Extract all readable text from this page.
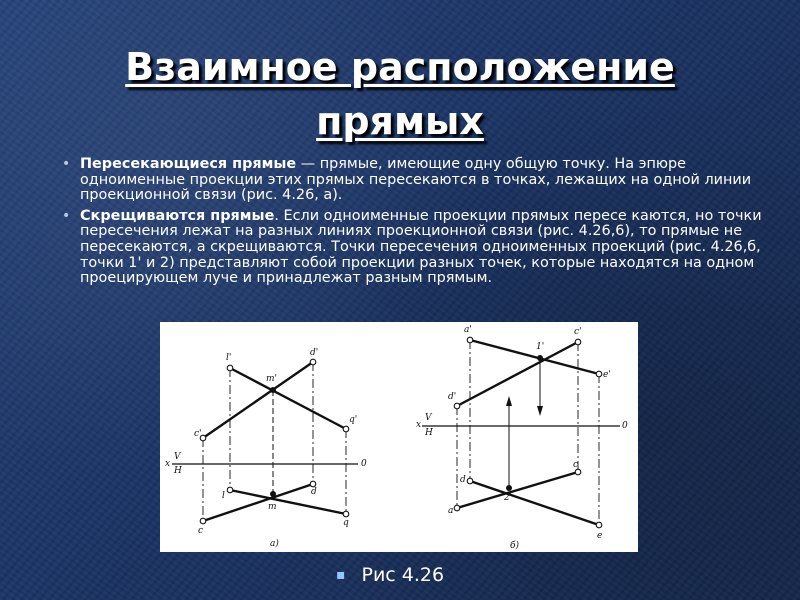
Взаимное расположение
прямых
• Пересекающиеся прямые — прямые, имеющие одну общую точку. На эпюре одноименные проекции этих прямых пересекаются в точках, лежащих на одной линии проекционной связи (рис. 4.26, а).
• Скрещиваются прямые. Если одноименные проекции прямых пересе каются, но точки пересечения лежат на разных линиях проекционной связи (рис. 4.26,6), то прямые не пересекаются, а скрещиваются. Точки пересечения одноименных проекций (рис. 4.26,б, точки 1' и 2) представляют собой проекции разных точек, которые находятся на одном проецирующем луче и принадлежат разным прямым.
l'	d'
m'
q'
c'
l	d
m
q
c
x
V
H
0
а)
a'	c'
1'
e'
d'
d
c
2
a
e
x
V
H
0
б)
▪ Рис 4.26
